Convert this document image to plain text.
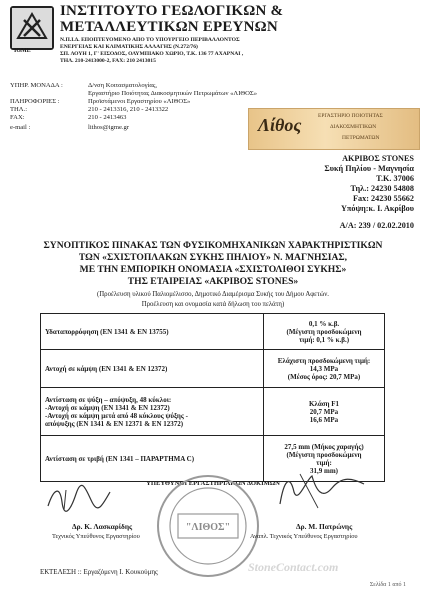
IGME
ΙΝΣΤΙΤΟΥΤΟ ΓΕΩΛΟΓΙΚΩΝ &
ΜΕΤΑΛΛΕΥΤΙΚΩΝ ΕΡΕΥΝΩΝ
Ν.Π.Ι.Δ. ΕΠΟΠΤΕΥΟΜΕΝΟ ΑΠΟ ΤΟ ΥΠΟΥΡΓΕΙΟ ΠΕΡΙΒΑΛΛΟΝΤΟΣ
ΕΝΕΡΓΕΙΑΣ ΚΑΙ ΚΛΙΜΑΤΙΚΗΣ ΑΛΛΑΓΗΣ (Ν.272/76)
ΣΠ. ΛΟΥΗ 1, Γ' ΕΙΣΟΔΟΣ, ΟΛΥΜΠΙΑΚΟ ΧΩΡΙΟ, Τ.Κ. 136 77 ΑΧΑΡΝΑΙ ,
ΤΗΛ. 210-2413000-2, FAX: 210 2413015
ΥΠΗΡ. ΜΟΝΑΔΑ :	Δ/νση Κοιτασματολογίας,
Εργαστήριο Ποιότητας Διακοσμητικών Πετρωμάτων «ΛΙΘΟΣ»
ΠΛΗΡΟΦΟΡΙΕΣ :	Προϊστάμενοι Εργαστηρίου «ΛΙΘΟΣ»
ΤΗΛ.:	210 - 2413316, 210 - 2413322
FAX:	210 - 2413463
e-mail :	lithos@igme.gr	Λίθος	ΕΡΓΑΣΤΗΡΙΟ ΠΟΙΟΤΗΤΑΣ
ΔΙΑΚΟΣΜΗΤΙΚΩΝ
ΠΕΤΡΩΜΑΤΩΝ
ΑΚΡΙΒΟΣ STONES
Συκή Πηλίου - Μαγνησία
Τ.Κ. 37006
Τηλ.: 24230 54808
Fax: 24230 55662
Υπόψη:κ. Ι. Ακρίβου
Α/Α: 239 / 02.02.2010
ΣΥΝΟΠΤΙΚΟΣ ΠΙΝΑΚΑΣ ΤΩΝ ΦΥΣΙΚΟΜΗΧΑΝΙΚΩΝ ΧΑΡΑΚΤΗΡΙΣΤΙΚΩΝ
ΤΩΝ «ΣΧΙΣΤΟΠΛΑΚΩΝ ΣΥΚΗΣ ΠΗΛΙΟΥ» Ν. ΜΑΓΝΗΣΙΑΣ,
ΜΕ ΤΗΝ ΕΜΠΟΡΙΚΗ ΟΝΟΜΑΣΙΑ «ΣΧΙΣΤΟΛΙΘΟΙ ΣΥΚΗΣ»
ΤΗΣ ΕΤΑΙΡΕΙΑΣ «ΑΚΡΙΒΟΣ STONES»
(Προέλευση υλικού Παλιομέλισσο, Δημοτικό Διαμέρισμα Συκής του Δήμου Αφετών.
Προέλευση και ονομασία κατά δήλωση του πελάτη)
Υδαταπορρόφηση (ΕΝ 1341 & ΕΝ 13755)	0,1 % κ.β.
(Μέγιστη προσδοκώμενη
τιμή: 0,1 % κ.β.)

Αντοχή σε κάμψη (ΕΝ 1341 & ΕΝ 12372)	Ελάχιστη προσδοκώμενη τιμή:
14,3 MPa
(Μέσος όρος: 20,7 MPa)

Αντίσταση σε ψύξη – απόψυξη, 48 κύκλοι:
-Αντοχή σε κάμψη (ΕΝ 1341 & ΕΝ 12372)
-Αντοχή σε κάμψη μετά από 48 κύκλους ψύξης -
απόψυξης (ΕΝ 1341 & ΕΝ 12371 & ΕΝ 12372)	Κλάση F1
20,7 MPa
16,6 MPa

Αντίσταση σε τριβή (ΕΝ 1341 – ΠΑΡΑΡΤΗΜΑ C)	27,5 mm (Μήκος χαραγής)
(Μέγιστη προσδοκώμενη
τιμή:
31,9 mm)
ΥΠΕΥΘΥΝΟΙ ΕΡΓΑΣΤΗΡΙΑΚΩΝ ΔΟΚΙΜΩΝ
"ΛΙΘΟΣ"
Δρ. Κ. Λασκαρίδης
Τεχνικός Υπεύθυνος Εργαστηρίου
Δρ. Μ. Πατρώνης
Αναπλ. Τεχνικός Υπεύθυνος Εργαστηρίου
ΕΚΤΕΛΕΣΗ :: Εργαζόμενη Ι. Κουκούμης	StoneContact.com
Σελίδα 1 από 1
